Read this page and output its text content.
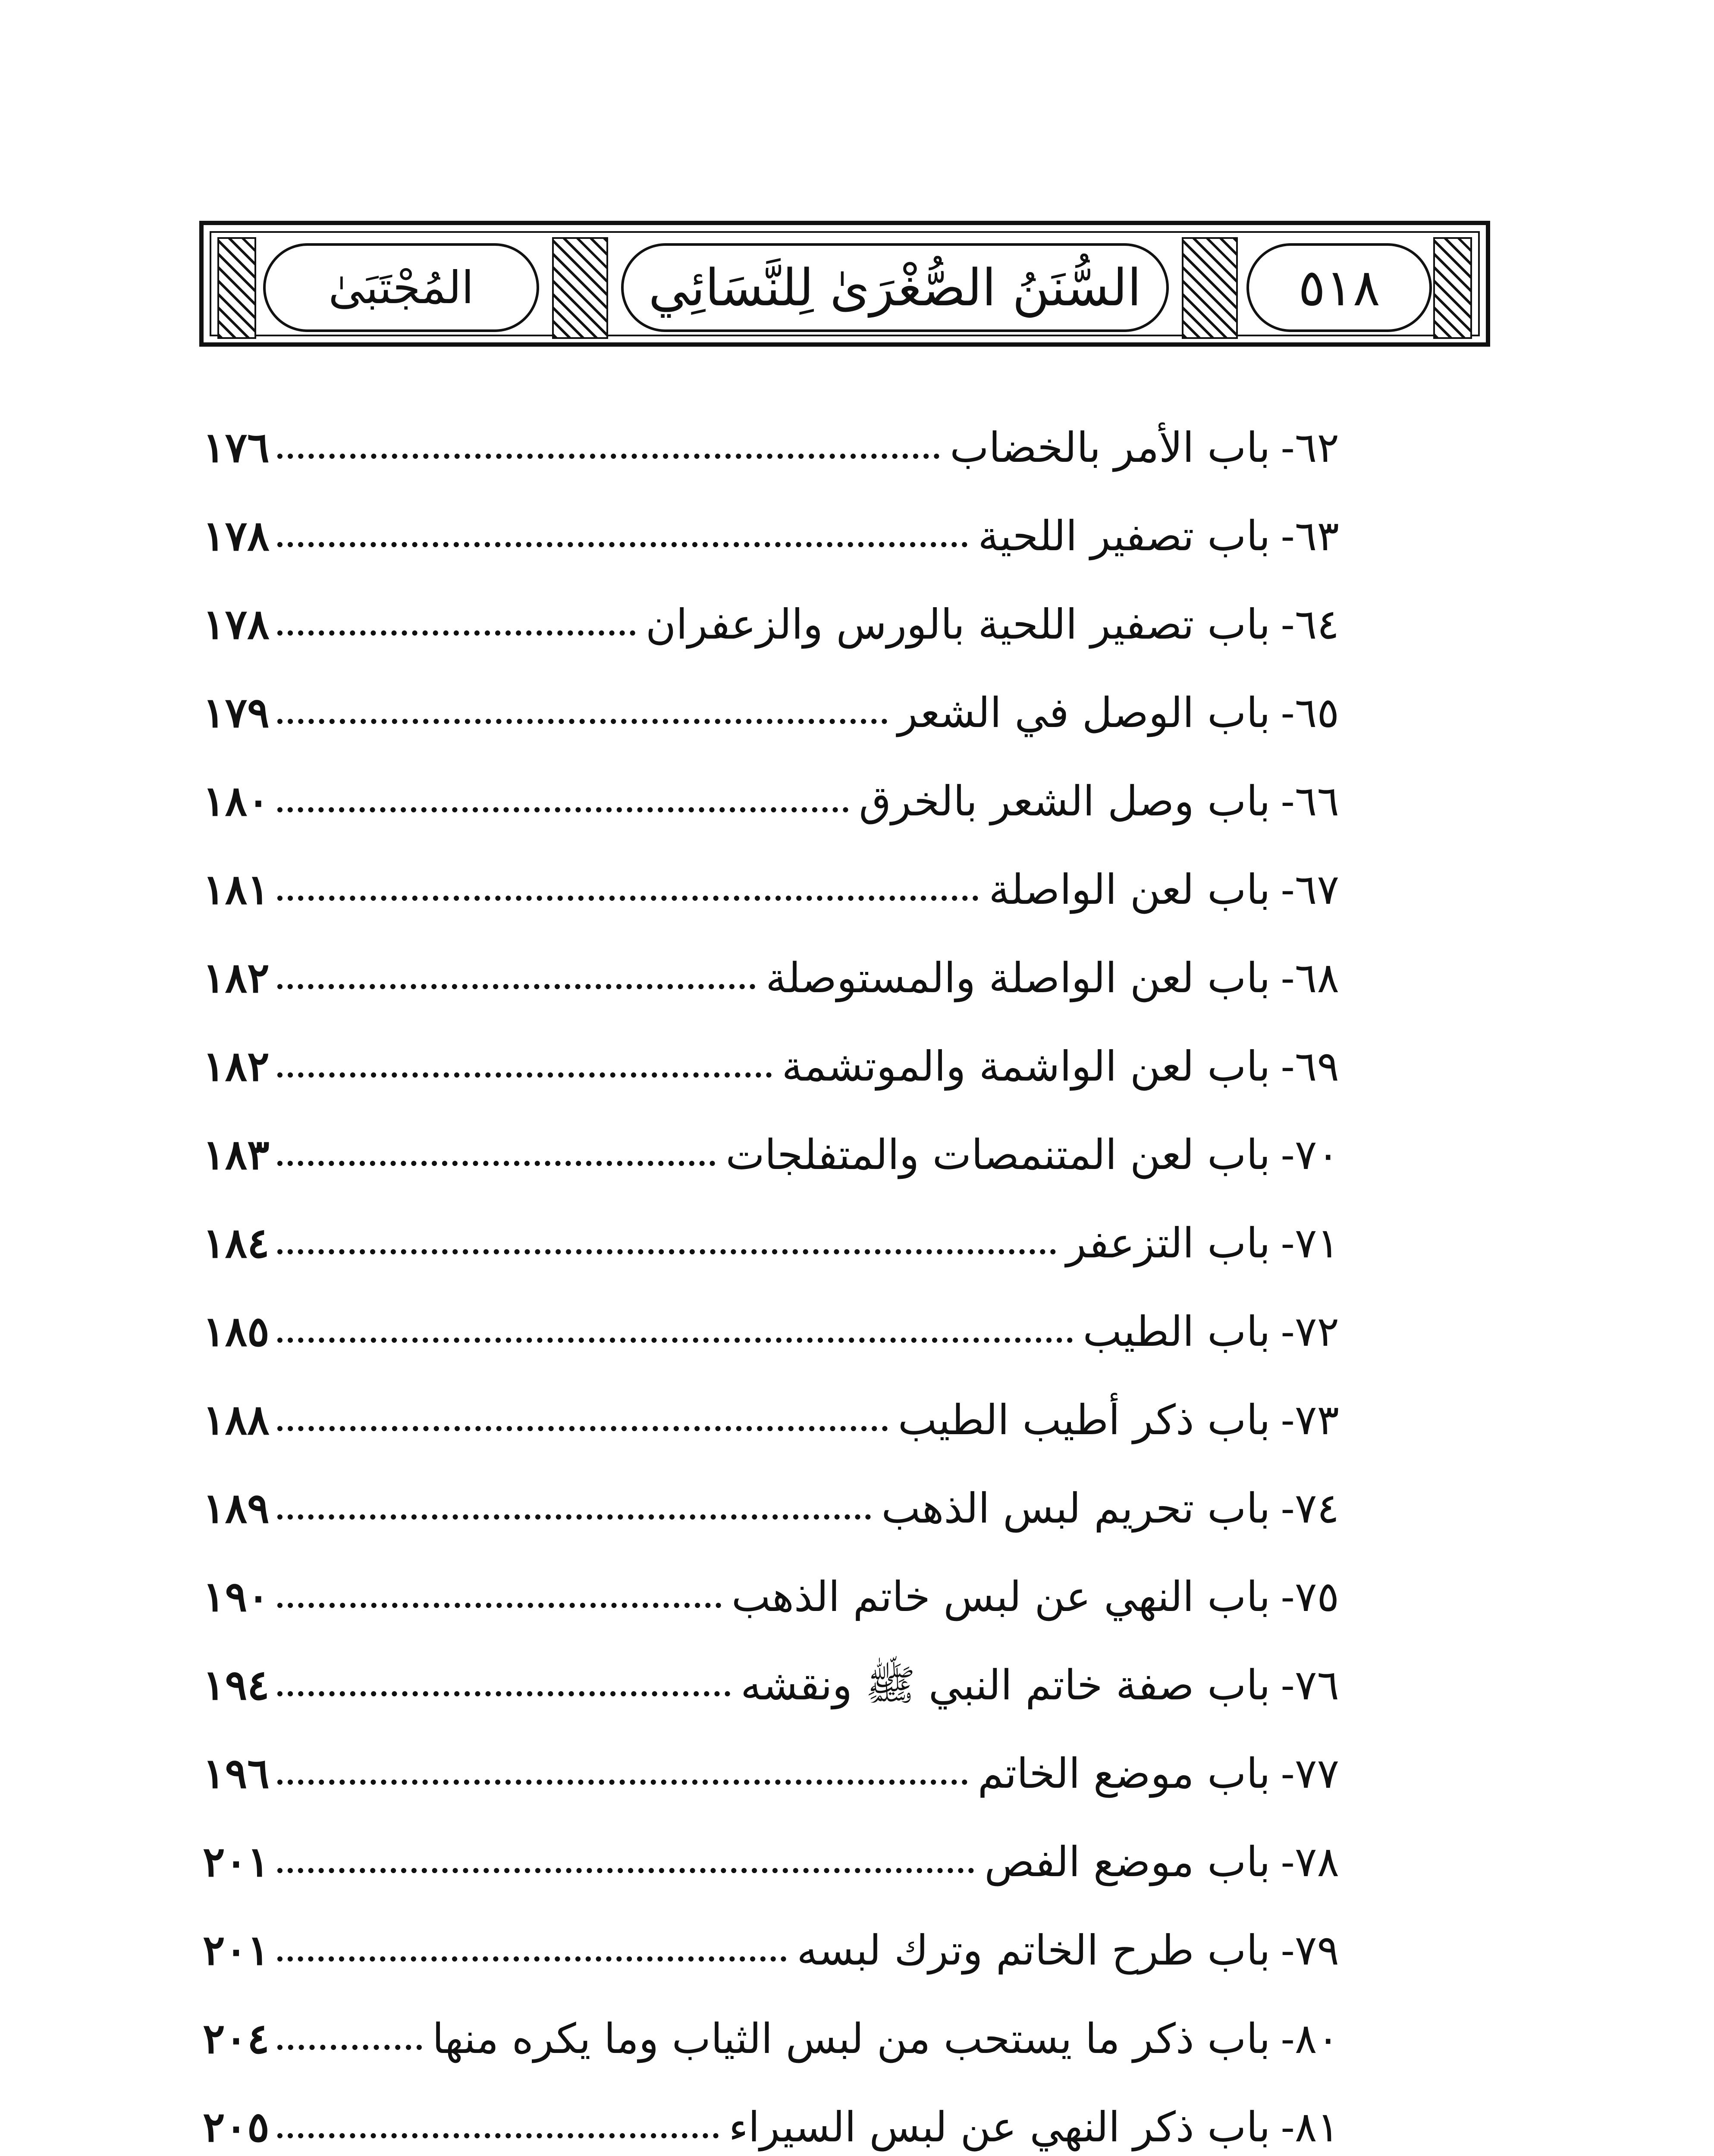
المُجْتَبَىٰ	السُّنَنُ الصُّغْرَىٰ لِلنَّسَائِي	٥١٨
٦٢-
باب الأمر بالخضاب
١٧٦
٦٣-
باب تصفير اللحية
١٧٨
٦٤-
باب تصفير اللحية بالورس والزعفران
١٧٨
٦٥-
باب الوصل في الشعر
١٧٩
٦٦-
باب وصل الشعر بالخرق
١٨٠
٦٧-
باب لعن الواصلة
١٨١
٦٨-
باب لعن الواصلة والمستوصلة
١٨٢
٦٩-
باب لعن الواشمة والموتشمة
١٨٢
٧٠-
باب لعن المتنمصات والمتفلجات
١٨٣
٧١-
باب التزعفر
١٨٤
٧٢-
باب الطيب
١٨٥
٧٣-
باب ذكر أطيب الطيب
١٨٨
٧٤-
باب تحريم لبس الذهب
١٨٩
٧٥-
باب النهي عن لبس خاتم الذهب
١٩٠
٧٦-
باب صفة خاتم النبي ﷺ ونقشه
١٩٤
٧٧-
باب موضع الخاتم
١٩٦
٧٨-
باب موضع الفص
٢٠١
٧٩-
باب طرح الخاتم وترك لبسه
٢٠١
٨٠-
باب ذكر ما يستحب من لبس الثياب وما يكره منها
٢٠٤
٨١-
باب ذكر النهي عن لبس السيراء
٢٠٥
